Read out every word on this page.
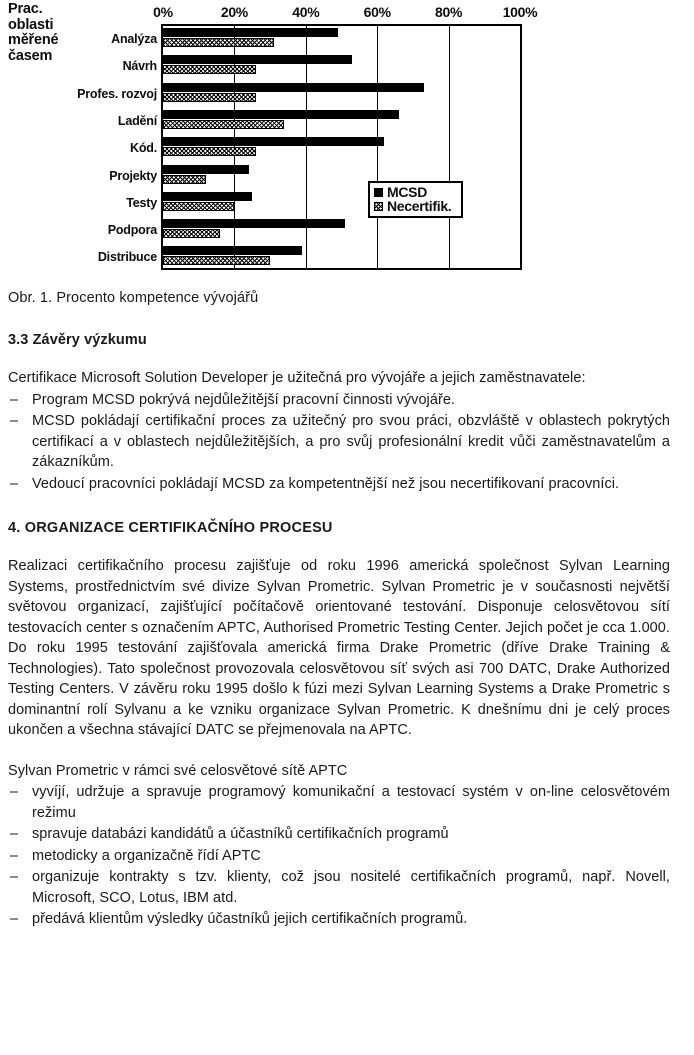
Prac.
oblasti
měřené
časem
0%	20%	40%	60%	80%	100%
Analýza
Návrh
Profes. rozvoj
Ladění
Kód.
Projekty
Testy
Podpora
Distribuce
MCSD
Necertifik.
Obr. 1. Procento kompetence vývojářů
3.3 Závěry výzkumu

Certifikace Microsoft Solution Developer je užitečná pro vývojáře a jejich zaměstnavatele:

– Program MCSD pokrývá nejdůležitější pracovní činnosti vývojáře.
– MCSD pokládají certifikační proces za užitečný pro svou práci, obzvláště v oblastech pokrytých certifikací a v oblastech nejdůležitějších, a pro svůj profesionální kredit vůči zaměstnavatelům a zákazníkům.
– Vedoucí pracovníci pokládají MCSD za kompetentnější než jsou necertifikovaní pracovníci.
4. ORGANIZACE CERTIFIKAČNÍHO PROCESU

Realizaci certifikačního procesu zajišťuje od roku 1996 americká společnost Sylvan Learning Systems, prostřednictvím své divize Sylvan Prometric. Sylvan Prometric je v současnosti největší světovou organizací, zajišťující počítačově orientované testování. Disponuje celosvětovou sítí testovacích center s označením APTC, Authorised Prometric Testing Center. Jejich počet je cca 1.000. Do roku 1995 testování zajišťovala americká firma Drake Prometric (dříve Drake Training & Technologies). Tato společnost provozovala celosvětovou síť svých asi 700 DATC, Drake Authorized Testing Centers. V závěru roku 1995 došlo k fúzi mezi Sylvan Learning Systems a Drake Prometric s dominantní rolí Sylvanu a ke vzniku organizace Sylvan Prometric. K dnešnímu dni je celý proces ukončen a všechna stávající DATC se přejmenovala na APTC.

Sylvan Prometric v rámci své celosvětové sítě APTC

– vyvíjí, udržuje a spravuje programový komunikační a testovací systém v on-line celosvětovém režimu
– spravuje databázi kandidátů a účastníků certifikačních programů
– metodicky a organizačně řídí APTC
– organizuje kontrakty s tzv. klienty, což jsou nositelé certifikačních programů, např. Novell, Microsoft, SCO, Lotus, IBM atd.
– předává klientům výsledky účastníků jejich certifikačních programů.
